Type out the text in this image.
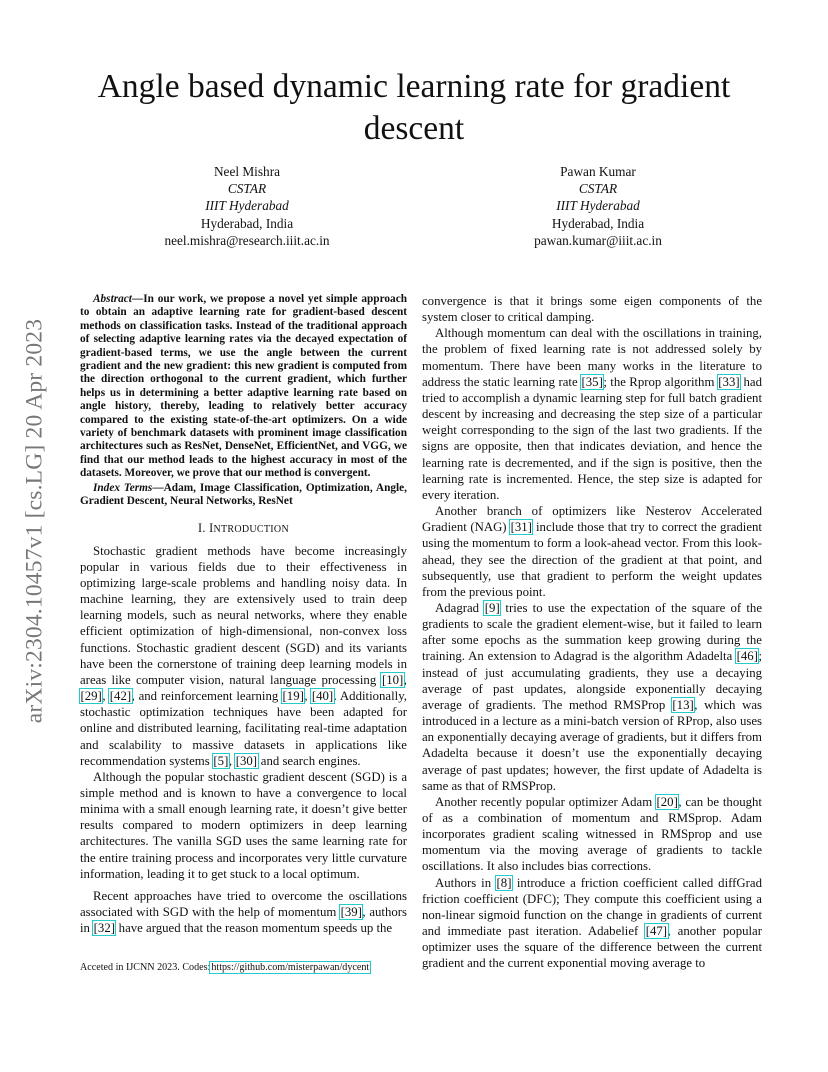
arXiv:2304.10457v1 [cs.LG] 20 Apr 2023
Angle based dynamic learning rate for gradient descent
Neel Mishra
CSTAR
IIIT Hyderabad
Hyderabad, India
neel.mishra@research.iiit.ac.in
Pawan Kumar
CSTAR
IIIT Hyderabad
Hyderabad, India
pawan.kumar@iiit.ac.in

Abstract—In our work, we propose a novel yet simple approach to obtain an adaptive learning rate for gradient-based descent methods on classification tasks. Instead of the traditional approach of selecting adaptive learning rates via the decayed expectation of gradient-based terms, we use the angle between the current gradient and the new gradient: this new gradient is computed from the direction orthogonal to the current gradient, which further helps us in determining a better adaptive learning rate based on angle history, thereby, leading to relatively better accuracy compared to the existing state-of-the-art optimizers. On a wide variety of benchmark datasets with prominent image classification architectures such as ResNet, DenseNet, EfficientNet, and VGG, we find that our method leads to the highest accuracy in most of the datasets. Moreover, we prove that our method is convergent.

Index Terms—Adam, Image Classification, Optimization, Angle, Gradient Descent, Neural Networks, ResNet

I. INTRODUCTION

Stochastic gradient methods have become increasingly popular in various fields due to their effectiveness in optimizing large-scale problems and handling noisy data. In machine learning, they are extensively used to train deep learning models, such as neural networks, where they enable efficient optimization of high-dimensional, non-convex loss functions. Stochastic gradient descent (SGD) and its variants have been the cornerstone of training deep learning models in areas like computer vision, natural language processing [10], [29], [42], and reinforcement learning [19], [40]. Additionally, stochastic optimization techniques have been adapted for online and distributed learning, facilitating real-time adaptation and scalability to massive datasets in applications like recommendation systems [5], [30] and search engines.

Although the popular stochastic gradient descent (SGD) is a simple method and is known to have a convergence to local minima with a small enough learning rate, it doesn’t give better results compared to modern optimizers in deep learning architectures. The vanilla SGD uses the same learning rate for the entire training process and incorporates very little curvature information, leading it to get stuck to a local optimum.

Recent approaches have tried to overcome the oscillations associated with SGD with the help of momentum [39], authors in [32] have argued that the reason momentum speeds up the

convergence is that it brings some eigen components of the system closer to critical damping.

Although momentum can deal with the oscillations in training, the problem of fixed learning rate is not addressed solely by momentum. There have been many works in the literature to address the static learning rate [35]; the Rprop algorithm [33] had tried to accomplish a dynamic learning step for full batch gradient descent by increasing and decreasing the step size of a particular weight corresponding to the sign of the last two gradients. If the signs are opposite, then that indicates deviation, and hence the learning rate is decremented, and if the sign is positive, then the learning rate is incremented. Hence, the step size is adapted for every iteration.

Another branch of optimizers like Nesterov Accelerated Gradient (NAG) [31] include those that try to correct the gradient using the momentum to form a look-ahead vector. From this look-ahead, they see the direction of the gradient at that point, and subsequently, use that gradient to perform the weight updates from the previous point.

Adagrad [9] tries to use the expectation of the square of the gradients to scale the gradient element-wise, but it failed to learn after some epochs as the summation keep growing during the training. An extension to Adagrad is the algorithm Adadelta [46]; instead of just accumulating gradients, they use a decaying average of past updates, alongside exponentially decaying average of gradients. The method RMSProp [13], which was introduced in a lecture as a mini-batch version of RProp, also uses an exponentially decaying average of gradients, but it differs from Adadelta because it doesn’t use the exponentially decaying average of past updates; however, the first update of Adadelta is same as that of RMSProp.

Another recently popular optimizer Adam [20], can be thought of as a combination of momentum and RMSprop. Adam incorporates gradient scaling witnessed in RMSprop and use momentum via the moving average of gradients to tackle oscillations. It also includes bias corrections.

Authors in [8] introduce a friction coefficient called diffGrad friction coefficient (DFC); They compute this coefficient using a non-linear sigmoid function on the change in gradients of current and immediate past iteration. Adabelief [47], another popular optimizer uses the square of the difference between the current gradient and the current exponential moving average to

Acceted in IJCNN 2023. Codes:https://github.com/misterpawan/dycent
